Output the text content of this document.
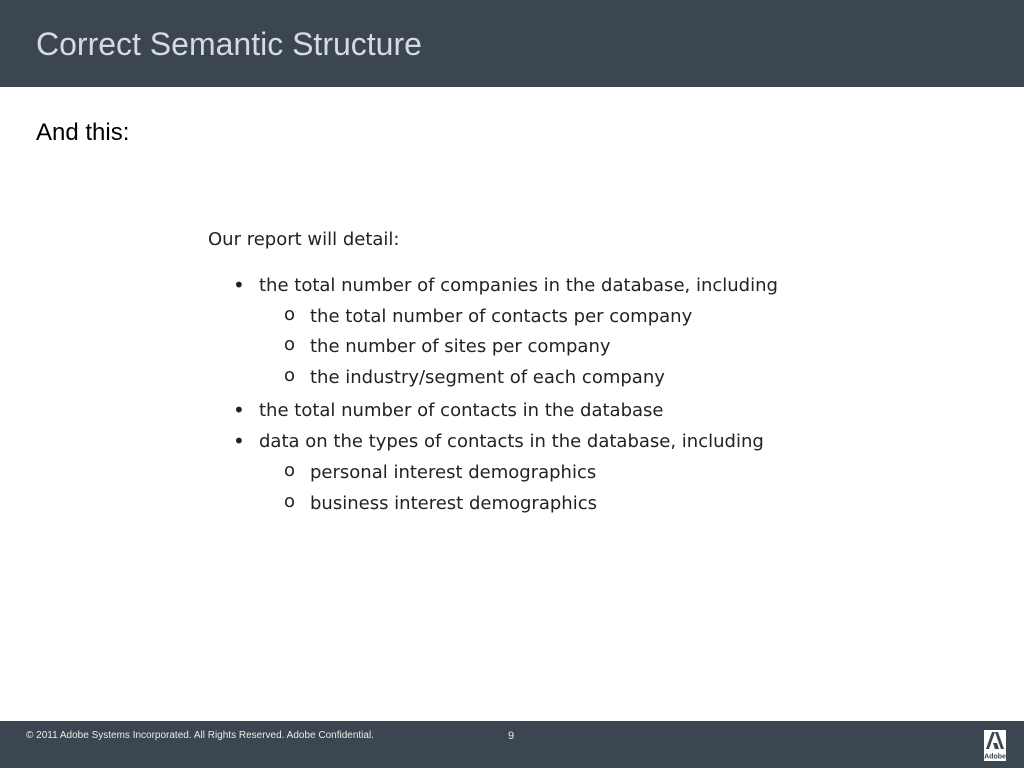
Correct Semantic Structure
And this:
Our report will detail:
• the total number of companies in the database, including
o the total number of contacts per company
o the number of sites per company
o the industry/segment of each company
• the total number of contacts in the database
• data on the types of contacts in the database, including
o personal interest demographics
o business interest demographics
© 2011 Adobe Systems Incorporated. All Rights Reserved. Adobe Confidential.	9
Adobe
